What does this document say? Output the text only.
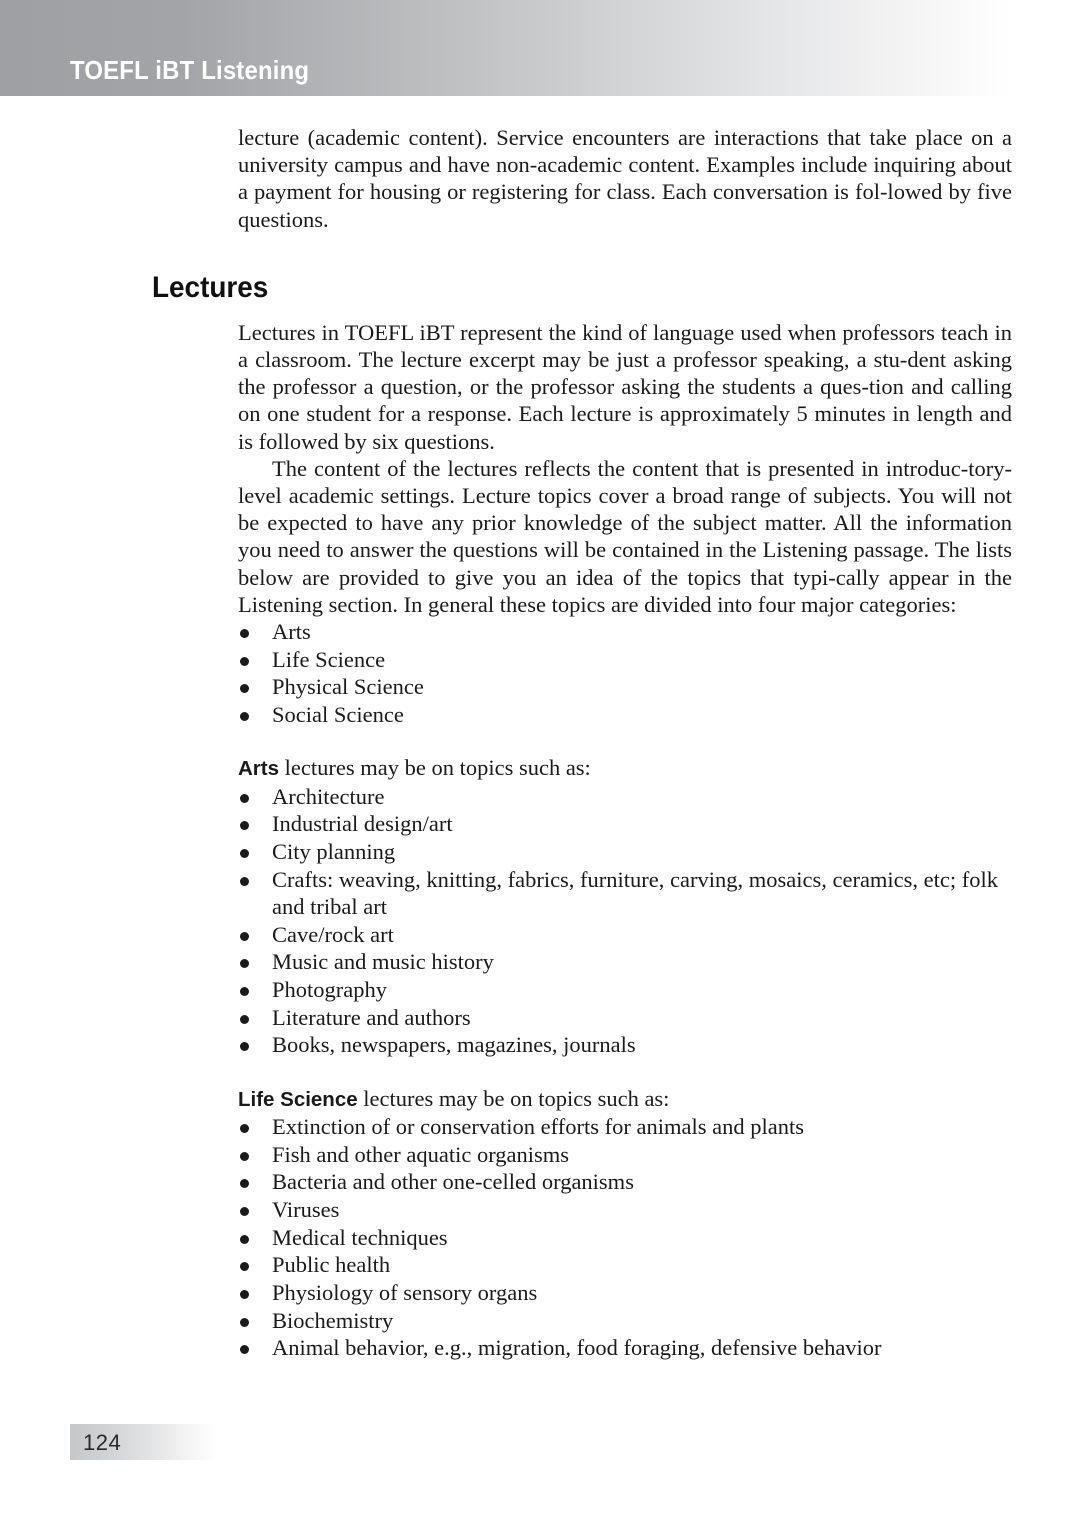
TOEFL iBT Listening

lecture (academic content). Service encounters are interactions that take place on a university campus and have non-academic content. Examples include inquiring about a payment for housing or registering for class. Each conversation is fol-lowed by five questions.

Lectures

Lectures in TOEFL iBT represent the kind of language used when professors teach in a classroom. The lecture excerpt may be just a professor speaking, a stu-dent asking the professor a question, or the professor asking the students a ques-tion and calling on one student for a response. Each lecture is approximately 5 minutes in length and is followed by six questions.

The content of the lectures reflects the content that is presented in introduc-tory-level academic settings. Lecture topics cover a broad range of subjects. You will not be expected to have any prior knowledge of the subject matter. All the information you need to answer the questions will be contained in the Listening passage. The lists below are provided to give you an idea of the topics that typi-cally appear in the Listening section. In general these topics are divided into four major categories:

Arts
Life Science
Physical Science
Social Science

Arts lectures may be on topics such as:

Architecture
Industrial design/art
City planning
Crafts: weaving, knitting, fabrics, furniture, carving, mosaics, ceramics, etc; folk and tribal art
Cave/rock art
Music and music history
Photography
Literature and authors
Books, newspapers, magazines, journals

Life Science lectures may be on topics such as:

Extinction of or conservation efforts for animals and plants
Fish and other aquatic organisms
Bacteria and other one-celled organisms
Viruses
Medical techniques
Public health
Physiology of sensory organs
Biochemistry
Animal behavior, e.g., migration, food foraging, defensive behavior
124
